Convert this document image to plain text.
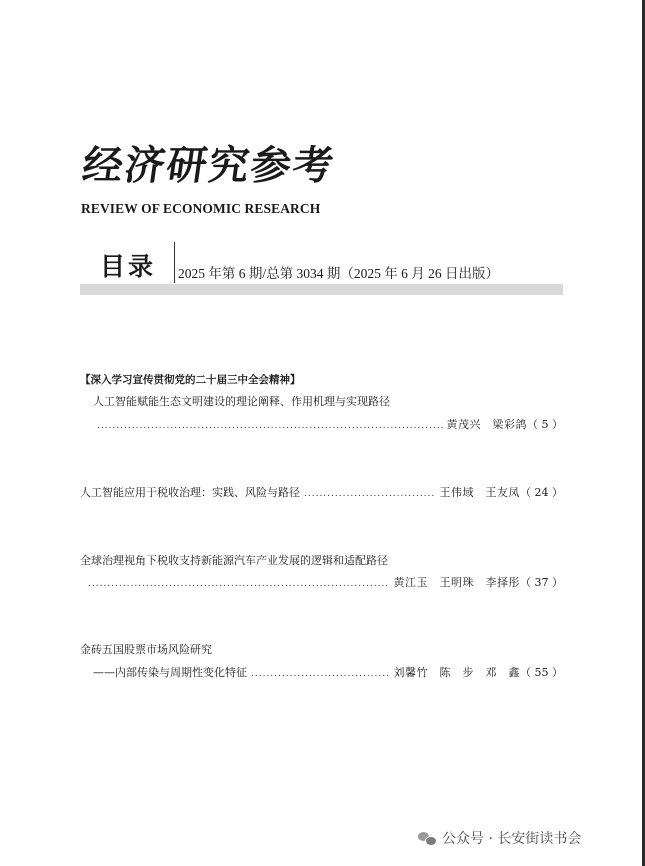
经济研究参考
REVIEW OF ECONOMIC RESEARCH
目录 2025 年第 6 期/总第 3034 期（2025 年 6 月 26 日出版）
【深入学习宣传贯彻党的二十届三中全会精神】
人工智能赋能生态文明建设的理论阐释、作用机理与实现路径
.....
黄茂兴　梁彩鸽 （ 5 ）
人工智能应用于税收治理：实践、风险与路径 .....	王伟域　王友凤 （ 24 ）
全球治理视角下税收支持新能源汽车产业发展的逻辑和适配路径
.....
黄江玉　王明珠　李择彤 （ 37 ）
金砖五国股票市场风险研究
——内部传染与周期性变化特征 .....	刘馨竹　陈　步　邓　鑫 （ 55 ）
公众号 · 长安街读书会
